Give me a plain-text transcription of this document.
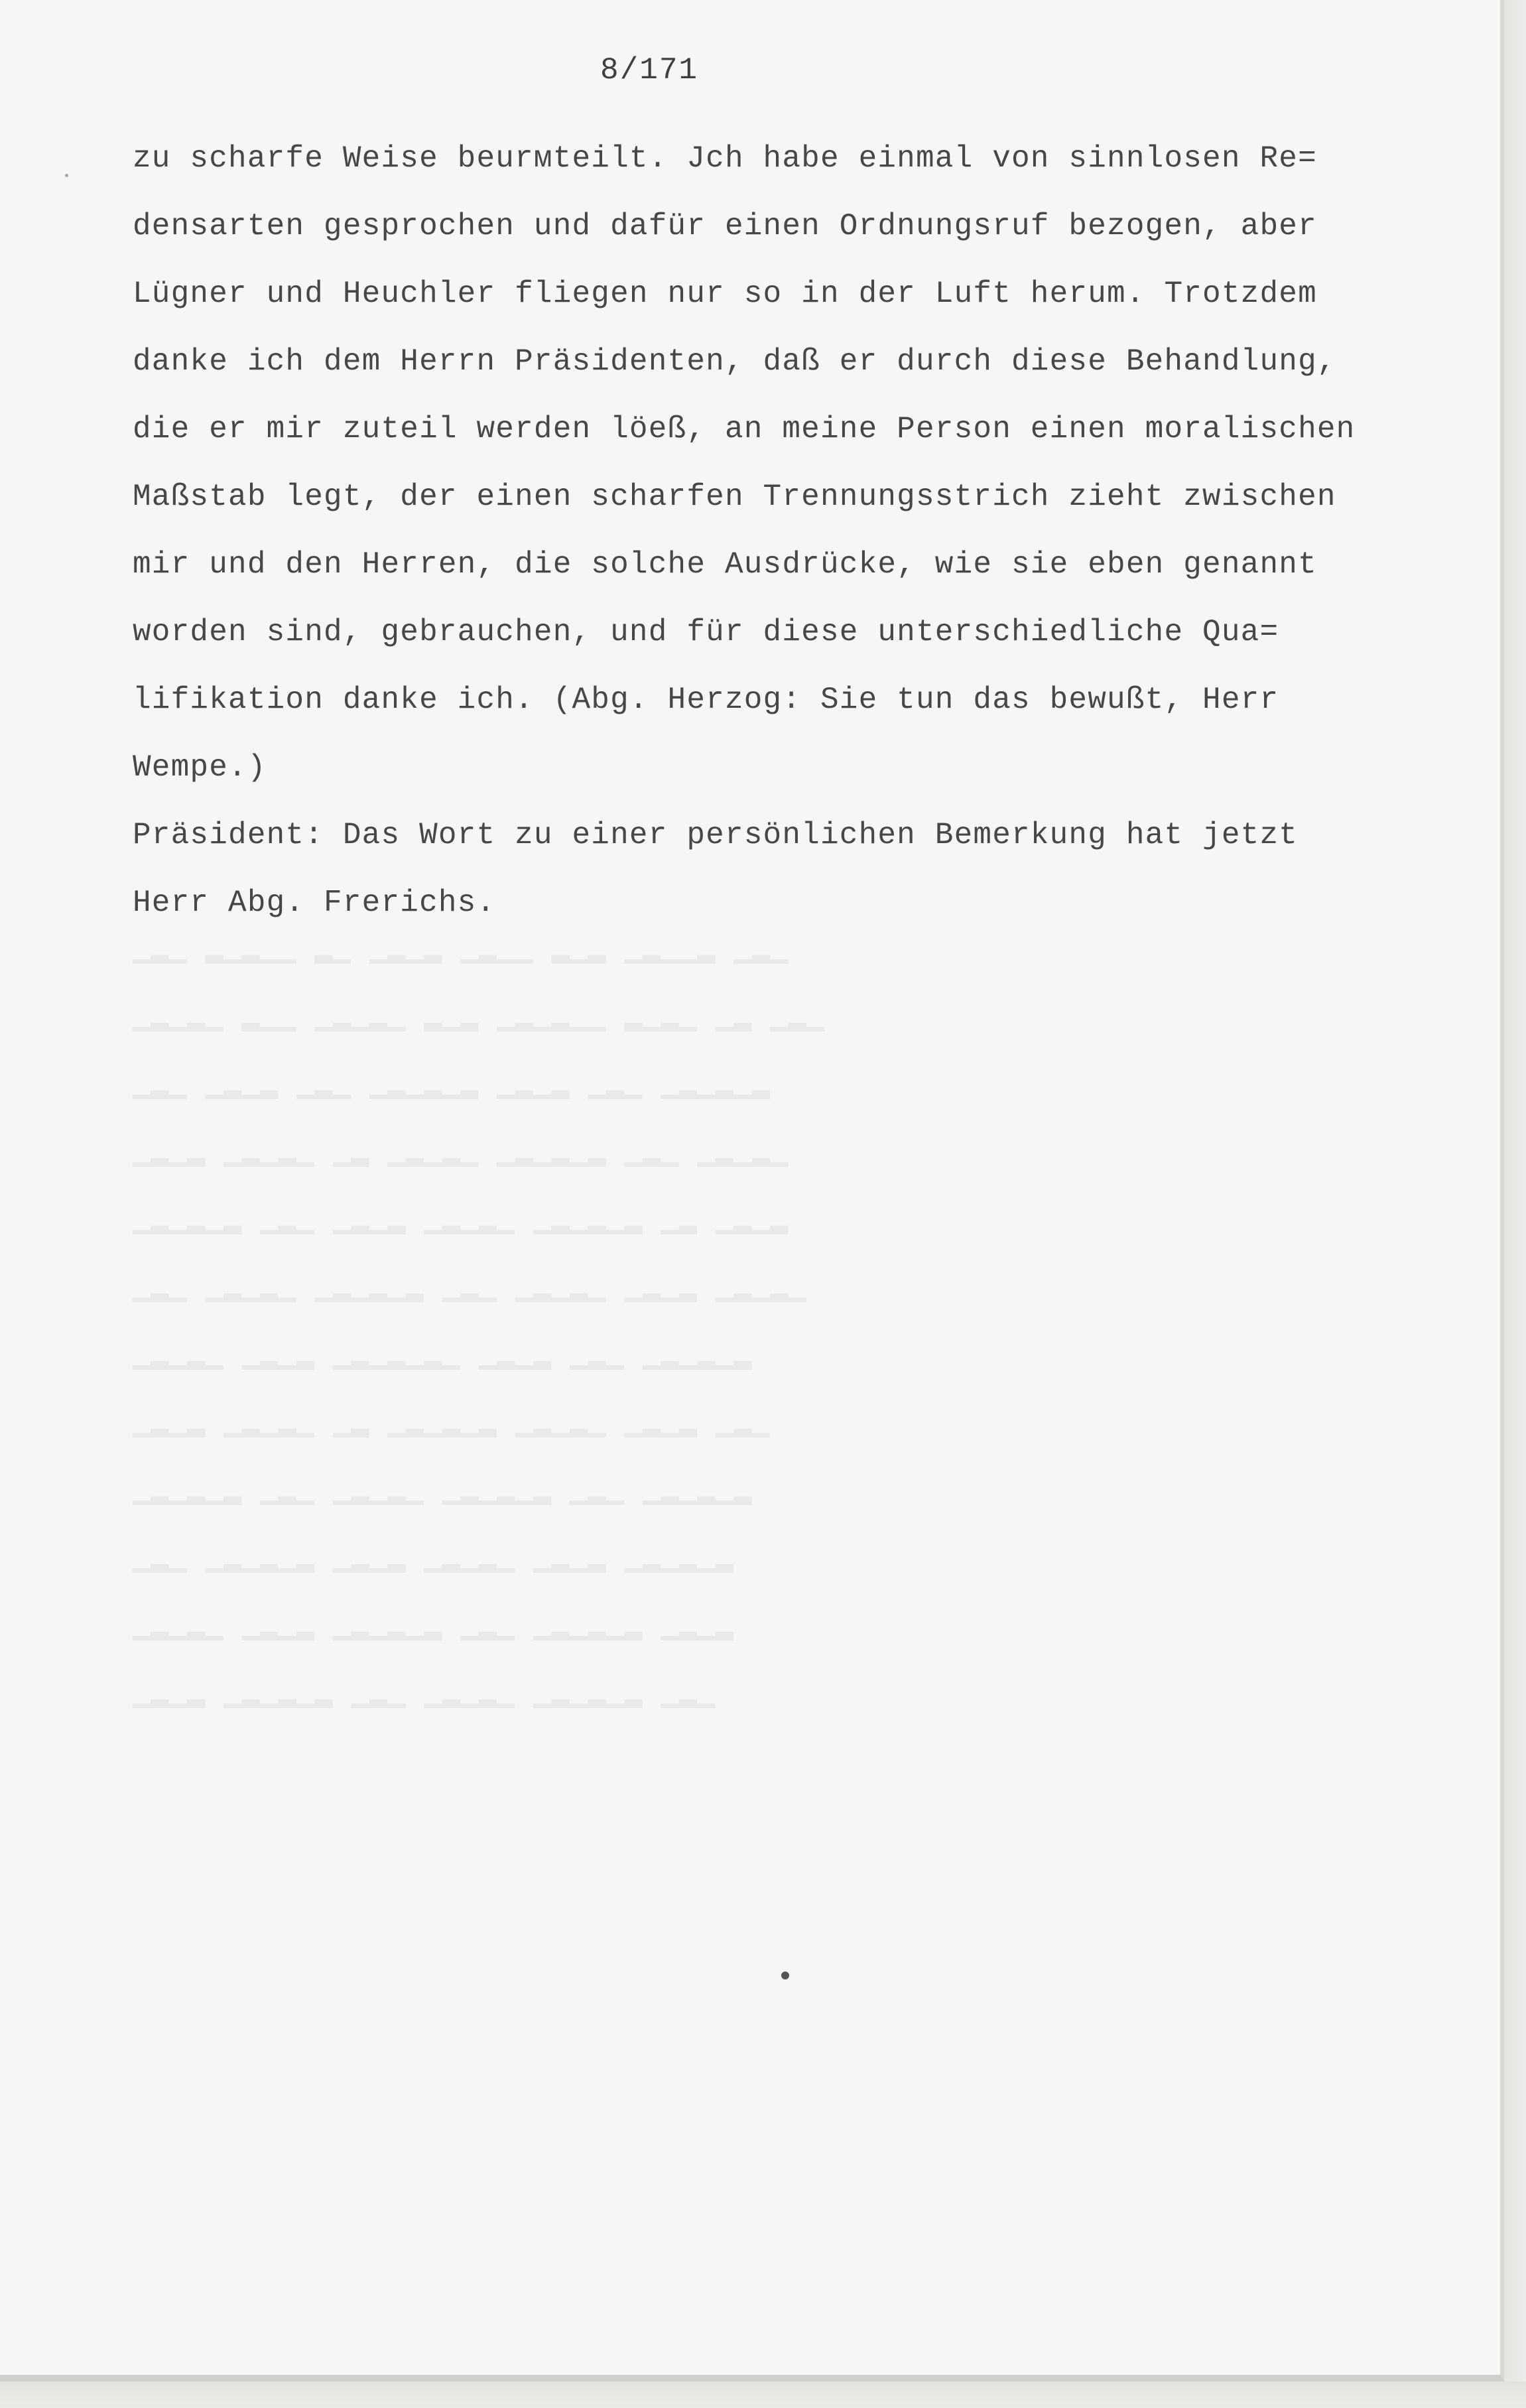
▁▂▁ ▂▁▂▁▁ ▂▁ ▁▂▁▂ ▁▂▁▁ ▂▁▂ ▁▂▁▁▂ ▁▂▁
▁▂▁▂▁ ▂▁▁ ▁▂▁▂▁ ▂▁▂ ▁▂▁▂▁▁ ▂▁▂▁ ▁▂ ▁▂▁
▁▂▁ ▁▂▁▂ ▁▂▁ ▁▂▁▂▁▂ ▁▂▁▂ ▁▂▁ ▁▂▁▂▁▂
▁▂▁▂ ▁▂▁▂▁ ▁▂ ▁▂▁▂▁ ▁▂▁▂▁▂ ▁▂▁ ▁▂▁▂▁
▁▂▁▂▁▂ ▁▂▁ ▁▂▁▂ ▁▂▁▂▁ ▁▂▁▂▁▂ ▁▂ ▁▂▁▂
▁▂▁ ▁▂▁▂▁ ▁▂▁▂▁▂ ▁▂▁ ▁▂▁▂▁ ▁▂▁▂ ▁▂▁▂▁
▁▂▁▂▁ ▁▂▁▂ ▁▂▁▂▁▂▁ ▁▂▁▂ ▁▂▁ ▁▂▁▂▁▂
▁▂▁▂ ▁▂▁▂▁ ▁▂ ▁▂▁▂▁▂ ▁▂▁▂▁ ▁▂▁▂ ▁▂▁
▁▂▁▂▁▂ ▁▂▁ ▁▂▁▂▁ ▁▂▁▂▁▂ ▁▂▁ ▁▂▁▂▁▂
▁▂▁ ▁▂▁▂▁▂ ▁▂▁▂ ▁▂▁▂▁ ▁▂▁▂ ▁▂▁▂▁▂
▁▂▁▂▁ ▁▂▁▂ ▁▂▁▂▁▂ ▁▂▁ ▁▂▁▂▁▂ ▁▂▁▂
▁▂▁▂ ▁▂▁▂▁▂ ▁▂▁ ▁▂▁▂▁ ▁▂▁▂▁▂ ▁▂▁
8/171
zu scharfe Weise beurмteilt. Jch habe einmal von sinnlosen Re=
densarten gesprochen und dafür einen Ordnungsruf bezogen, aber
Lügner und Heuchler fliegen nur so in der Luft herum. Trotzdem
danke ich dem Herrn Präsidenten, daß er durch diese Behandlung,
die er mir zuteil werden löeß, an meine Person einen moralischen
Maßstab legt, der einen scharfen Trennungsstrich zieht zwischen
mir und den Herren, die solche Ausdrücke, wie sie eben genannt
worden sind, gebrаuchen, und für diese unterschiedliche Qua=
lifikation danke ich. (Abg. Herzog: Sie tun das bewußt, Herr
Wempe.)
Präsident: Das Wort zu einer persönlichen Bemerkung hat jetzt
Herr Abg. Frerichs.
